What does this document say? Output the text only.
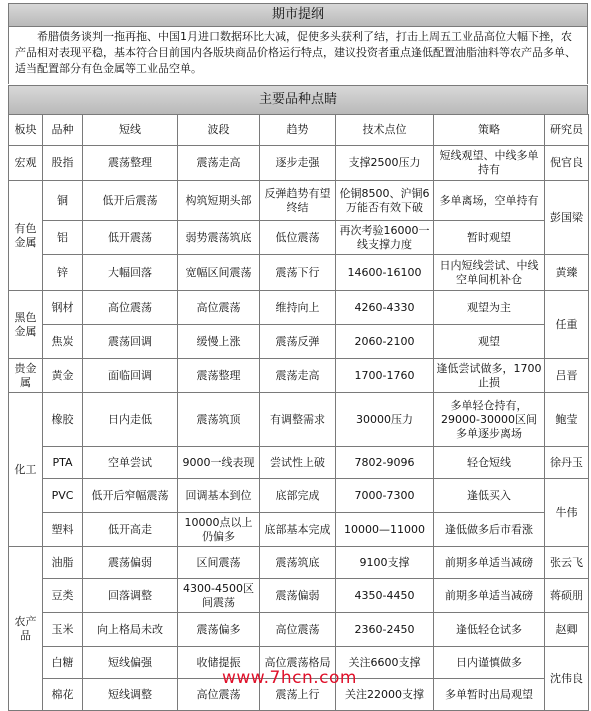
期市提纲
希腊债务谈判一拖再拖、中国1月进口数据环比大减，促使多头获利了结，打击上周五工业品高位大幅下挫，农产品相对表现平稳，基本符合目前国内各版块商品价格运行特点，建议投资者重点逢低配置油脂油料等农产品多单、适当配置部分有色金属等工业品空单。
主要品种点睛
板块	品种	短线	波段	趋势	技术点位	策略	研究员
宏观	股指	震荡整理	震荡走高	逐步走强	支撑2500压力	短线观望、中线多单持有	倪官良
有色金属	铜	低开后震荡	构筑短期头部	反弹趋势有望终结	伦铜8500、沪铜6万能否有效下破	多单离场，空单持有	彭国梁
	铝	低开震荡	弱势震荡筑底	低位震荡	再次考验16000一线支撑力度	暂时观望	
	锌	大幅回落	宽幅区间震荡	震荡下行	14600-16100	日内短线尝试、中线空单间机补仓	黄臻
黑色金属	钢材	高位震荡	高位震荡	维持向上	4260-4330	观望为主	任重
	焦炭	震荡回调	缓慢上涨	震荡反弹	2060-2100	观望	
贵金属	黄金	面临回调	震荡整理	震荡走高	1700-1760	逢低尝试做多，1700止损	吕晋
化工	橡胶	日内走低	震荡筑顶	有调整需求	30000压力	多单轻仓持有，29000-30000区间多单逐步离场	鲍莹
	PTA	空单尝试	9000一线表现	尝试性上破	7802-9096	轻仓短线	徐丹玉
	PVC	低开后窄幅震荡	回调基本到位	底部完成	7000-7300	逢低买入	牛伟
	塑料	低开高走	10000点以上仍偏多	底部基本完成	10000—11000	逢低做多后市看涨	
农产品	油脂	震荡偏弱	区间震荡	震荡筑底	9100支撑	前期多单适当减磅	张云飞
	豆类	回落调整	4300-4500区间震荡	震荡偏弱	4350-4450	前期多单适当减磅	蒋硕朋
	玉米	向上格局未改	震荡偏多	高位震荡	2360-2450	逢低轻仓试多	赵卿
	白糖	短线偏强	收储提振	高位震荡格局	关注6600支撑	日内谨慎做多	沈伟良
	棉花	短线调整	高位震荡	震荡上行	关注22000支撑	多单暂时出局观望	
www.7hcn.com
